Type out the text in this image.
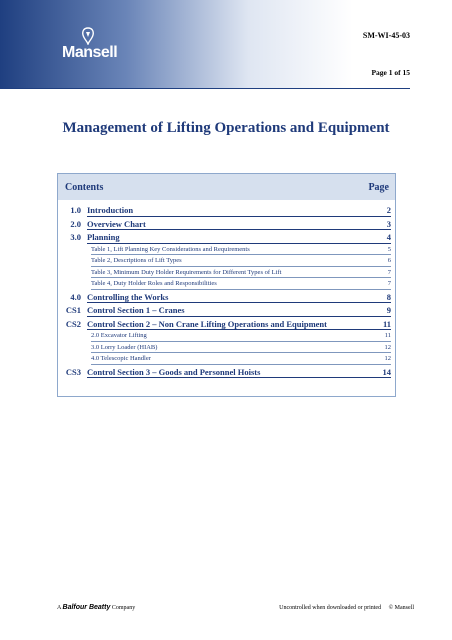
Mansell
SM-WI-45-03
Page 1 of 15
Management of Lifting Operations and Equipment
Contents	Page
1.0 Introduction	2
2.0 Overview Chart	3
3.0 Planning	4
Table 1, Lift Planning Key Considerations and Requirements	5
Table 2, Descriptions of Lift Types	6
Table 3, Minimum Duty Holder Requirements for Different Types of Lift	7
Table 4, Duty Holder Roles and Responsibilities	7
4.0 Controlling the Works	8
CS1 Control Section 1 – Cranes	9
CS2 Control Section 2 – Non Crane Lifting Operations and Equipment	11
2.0 Excavator Lifting	11
3.0 Lorry Loader (HIAB)	12
4.0 Telescopic Handler	12
CS3 Control Section 3 – Goods and Personnel Hoists	14
A Balfour Beatty Company	Uncontrolled when downloaded or printed © Mansell
